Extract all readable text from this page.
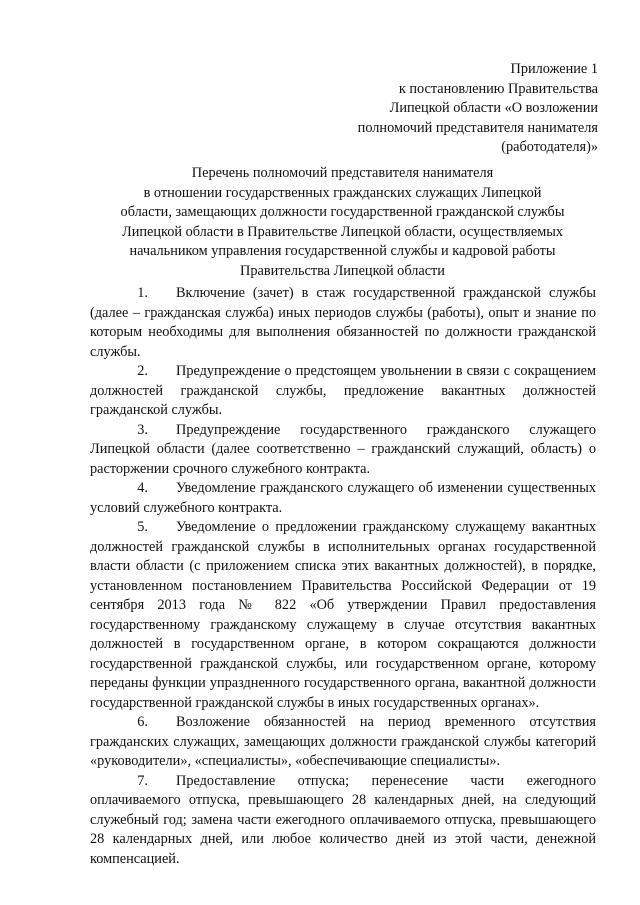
Приложение 1
к постановлению Правительства
Липецкой области «О возложении
полномочий представителя нанимателя
(работодателя)»
Перечень полномочий представителя нанимателя
в отношении государственных гражданских служащих Липецкой
области, замещающих должности государственной гражданской службы
Липецкой области в Правительстве Липецкой области, осуществляемых
начальником управления государственной службы и кадровой работы
Правительства Липецкой области

1. Включение (зачет) в стаж государственной гражданской службы (далее – гражданская служба) иных периодов службы (работы), опыт и знание по которым необходимы для выполнения обязанностей по должности гражданской службы.

2. Предупреждение о предстоящем увольнении в связи с сокращением должностей гражданской службы, предложение вакантных должностей гражданской службы.

3. Предупреждение государственного гражданского служащего Липецкой области (далее соответственно – гражданский служащий, область) о расторжении срочного служебного контракта.

4. Уведомление гражданского служащего об изменении существенных условий служебного контракта.

5. Уведомление о предложении гражданскому служащему вакантных должностей гражданской службы в исполнительных органах государственной власти области (с приложением списка этих вакантных должностей), в порядке, установленном постановлением Правительства Российской Федерации от 19 сентября 2013 года № 822 «Об утверждении Правил предоставления государственному гражданскому служащему в случае отсутствия вакантных должностей в государственном органе, в котором сокращаются должности государственной гражданской службы, или государственном органе, которому переданы функции упраздненного государственного органа, вакантной должности государственной гражданской службы в иных государственных органах».

6. Возложение обязанностей на период временного отсутствия гражданских служащих, замещающих должности гражданской службы категорий «руководители», «специалисты», «обеспечивающие специалисты».

7. Предоставление отпуска; перенесение части ежегодного оплачиваемого отпуска, превышающего 28 календарных дней, на следующий служебный год; замена части ежегодного оплачиваемого отпуска, превышающего 28 календарных дней, или любое количество дней из этой части, денежной компенсацией.
